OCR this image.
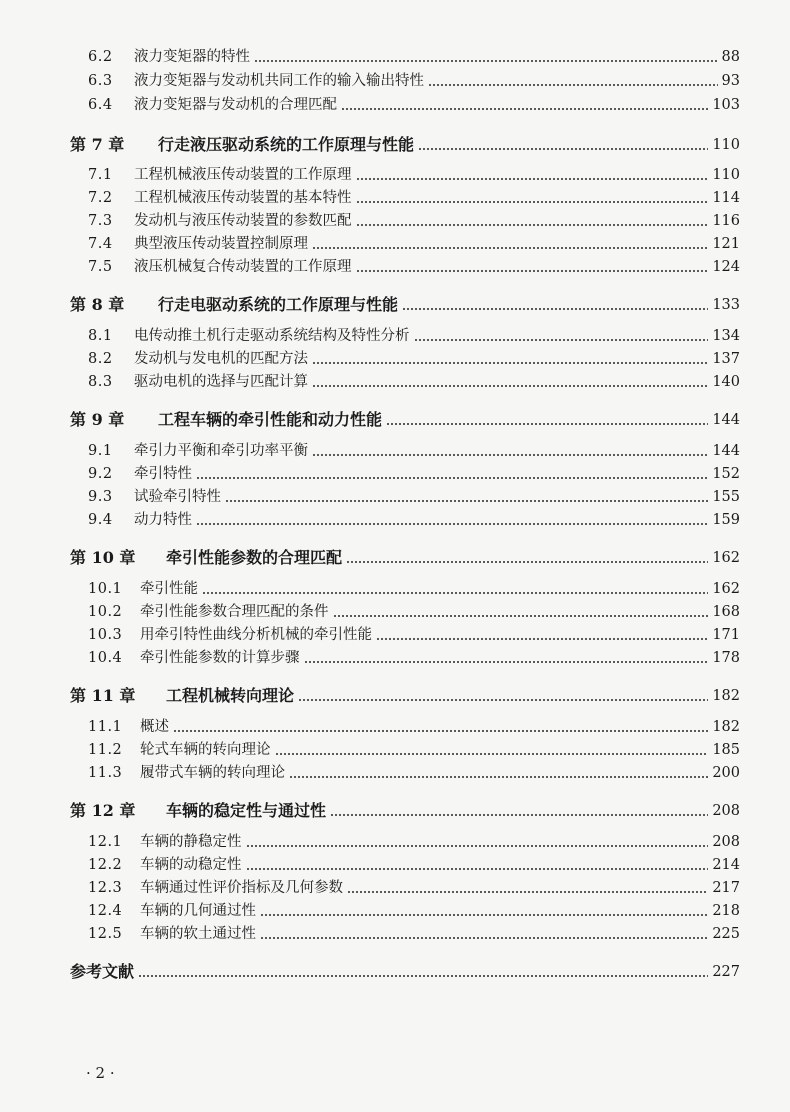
6.2	液力变矩器的特性	88
6.3	液力变矩器与发动机共同工作的输入输出特性	93
6.4	液力变矩器与发动机的合理匹配	103
第 7 章	行走液压驱动系统的工作原理与性能	110
7.1	工程机械液压传动装置的工作原理	110
7.2	工程机械液压传动装置的基本特性	114
7.3	发动机与液压传动装置的参数匹配	116
7.4	典型液压传动装置控制原理	121
7.5	液压机械复合传动装置的工作原理	124
第 8 章	行走电驱动系统的工作原理与性能	133
8.1	电传动推土机行走驱动系统结构及特性分析	134
8.2	发动机与发电机的匹配方法	137
8.3	驱动电机的选择与匹配计算	140
第 9 章	工程车辆的牵引性能和动力性能	144
9.1	牵引力平衡和牵引功率平衡	144
9.2	牵引特性	152
9.3	试验牵引特性	155
9.4	动力特性	159
第 10 章	牵引性能参数的合理匹配	162
10.1	牵引性能	162
10.2	牵引性能参数合理匹配的条件	168
10.3	用牵引特性曲线分析机械的牵引性能	171
10.4	牵引性能参数的计算步骤	178
第 11 章	工程机械转向理论	182
11.1	概述	182
11.2	轮式车辆的转向理论	185
11.3	履带式车辆的转向理论	200
第 12 章	车辆的稳定性与通过性	208
12.1	车辆的静稳定性	208
12.2	车辆的动稳定性	214
12.3	车辆通过性评价指标及几何参数	217
12.4	车辆的几何通过性	218
12.5	车辆的软土通过性	225
参考文献	227
· 2 ·
